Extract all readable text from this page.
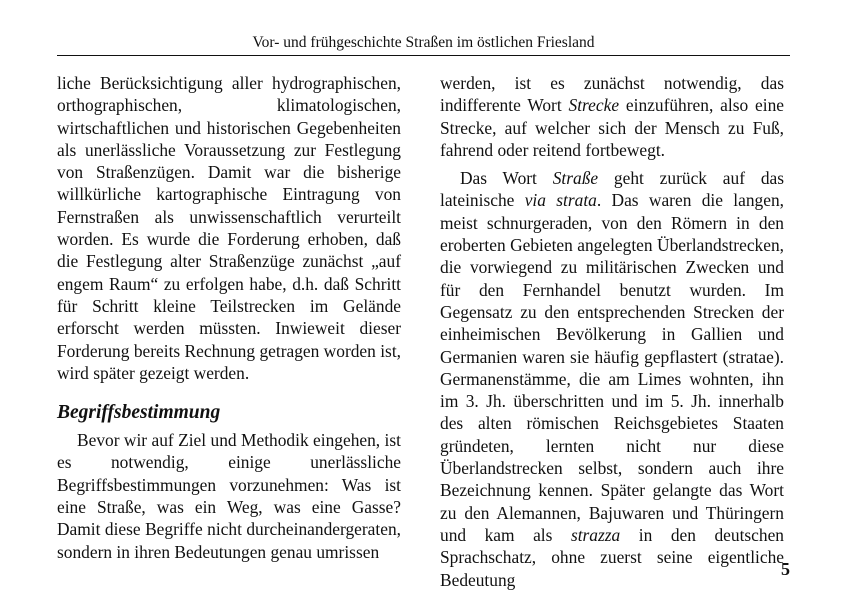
Vor- und frühgeschichte Straßen im östlichen Friesland

liche Berücksichtigung aller hydrographischen, orthographischen, klimatologischen, wirtschaftlichen und historischen Gegebenheiten als unerlässliche Voraussetzung zur Festlegung von Straßenzügen. Damit war die bisherige willkürliche kartographische Eintragung von Fernstraßen als unwissenschaftlich verurteilt worden. Es wurde die Forderung erhoben, daß die Festlegung alter Straßenzüge zunächst „auf engem Raum“ zu erfolgen habe, d.h. daß Schritt für Schritt kleine Teilstrecken im Gelände erforscht werden müssten. Inwieweit dieser Forderung bereits Rechnung getragen worden ist, wird später gezeigt werden.

Begriffsbestimmung

Bevor wir auf Ziel und Methodik eingehen, ist es notwendig, einige unerlässliche Begriffsbestimmungen vorzunehmen: Was ist eine Straße, was ein Weg, was eine Gasse? Damit diese Begriffe nicht durcheinandergeraten, sondern in ihren Bedeutungen genau umrissen

werden, ist es zunächst notwendig, das indifferente Wort Strecke einzuführen, also eine Strecke, auf welcher sich der Mensch zu Fuß, fahrend oder reitend fortbewegt.

Das Wort Straße geht zurück auf das lateinische via strata. Das waren die langen, meist schnurgeraden, von den Römern in den eroberten Gebieten angelegten Überlandstrecken, die vorwiegend zu militärischen Zwecken und für den Fernhandel benutzt wurden. Im Gegensatz zu den entsprechenden Strecken der einheimischen Bevölkerung in Gallien und Germanien waren sie häufig gepflastert (stratae). Germanenstämme, die am Limes wohnten, ihn im 3. Jh. überschritten und im 5. Jh. innerhalb des alten römischen Reichsgebietes Staaten gründeten, lernten nicht nur diese Überlandstrecken selbst, sondern auch ihre Bezeichnung kennen. Später gelangte das Wort zu den Alemannen, Bajuwaren und Thüringern und kam als strazza in den deutschen Sprachschatz, ohne zuerst seine eigentliche Bedeutung

5
